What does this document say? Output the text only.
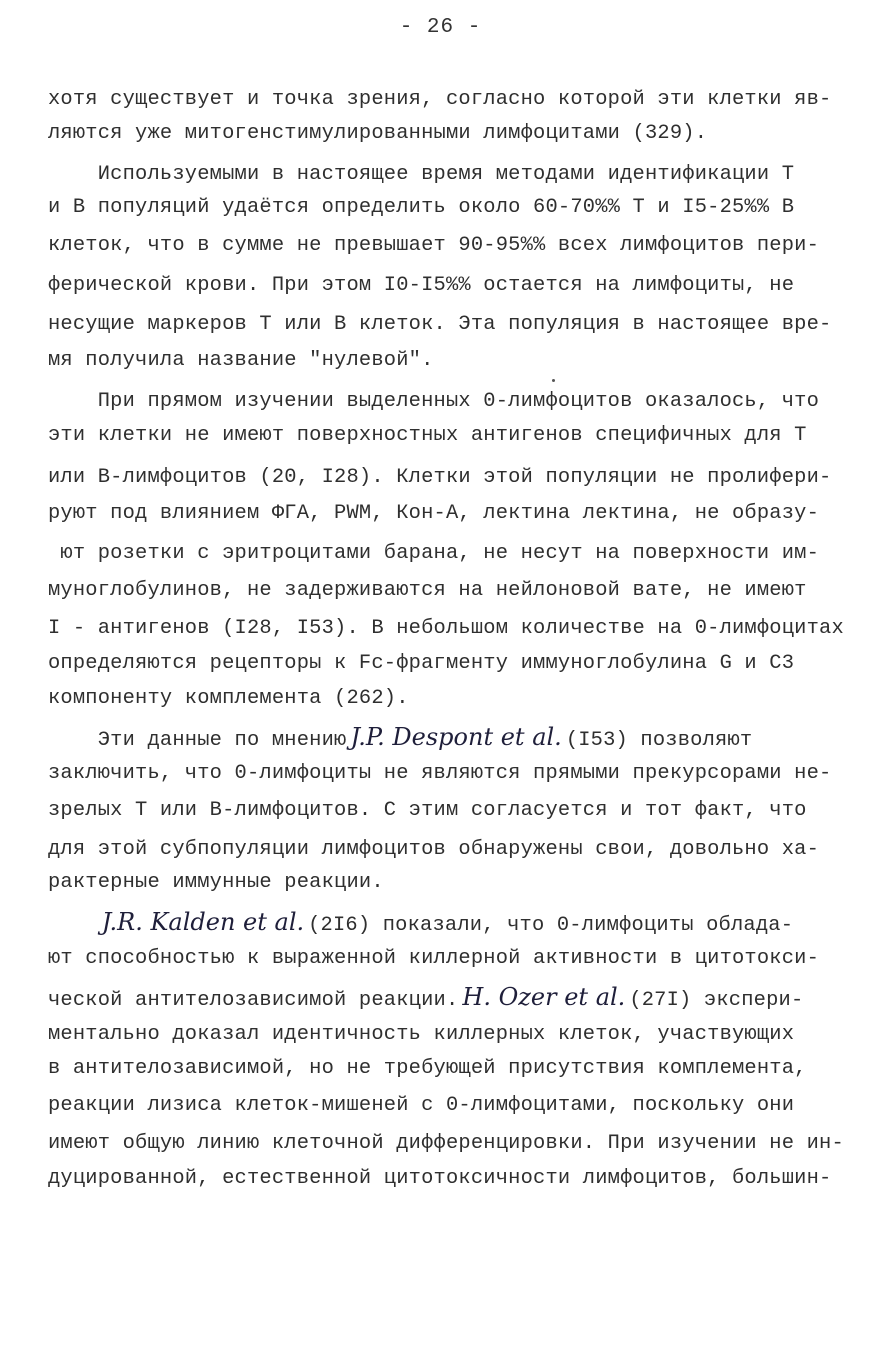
- 26 -
хотя существует и точка зрения, согласно которой эти клетки яв-
ляются уже митогенстимулированными лимфоцитами (329).
Используемыми в настоящее время методами идентификации Т
и В популяций удаётся определить около 60-70%% Т и I5-25%% В
клеток, что в сумме не превышает 90-95%% всех лимфоцитов пери-
ферической крови. При этом I0-I5%% остается на лимфоциты, не
несущие маркеров Т или В клеток. Эта популяция в настоящее вре-
мя получила название "нулевой".
При прямом изучении выделенных 0-лимфоцитов оказалось, что
эти клетки не имеют поверхностных антигенов специфичных для Т
или В-лимфоцитов (20, I28). Клетки этой популяции не пролифери-
руют под влиянием ФГА, PWM, Кон-А, лектина лектина, не образу-
ют розетки с эритроцитами барана, не несут на поверхности им-
муноглобулинов, не задерживаются на нейлоновой вате, не имеют
I - антигенов (I28, I53). В небольшом количестве на 0-лимфоцитах
определяются рецепторы к Fc-фрагменту иммуноглобулина G и С3
компоненту комплемента (262).
Эти данные по мнению J.P. Despont et al. (I53) позволяют
заключить, что 0-лимфоциты не являются прямыми прекурсорами не-
зрелых Т или В-лимфоцитов. С этим согласуется и тот факт, что
для этой субпопуляции лимфоцитов обнаружены свои, довольно ха-
рактерные иммунные реакции.
J.R. Kalden et al. (2I6) показали, что 0-лимфоциты облада-
ют способностью к выраженной киллерной активности в цитотокси-
ческой антителозависимой реакции. H. Ozer et al. (27I) экспери-
ментально доказал идентичность киллерных клеток, участвующих
в антителозависимой, но не требующей присутствия комплемента,
реакции лизиса клеток-мишеней с 0-лимфоцитами, поскольку они
имеют общую линию клеточной дифференцировки. При изучении не ин-
дуцированной, естественной цитотоксичности лимфоцитов, большин-
